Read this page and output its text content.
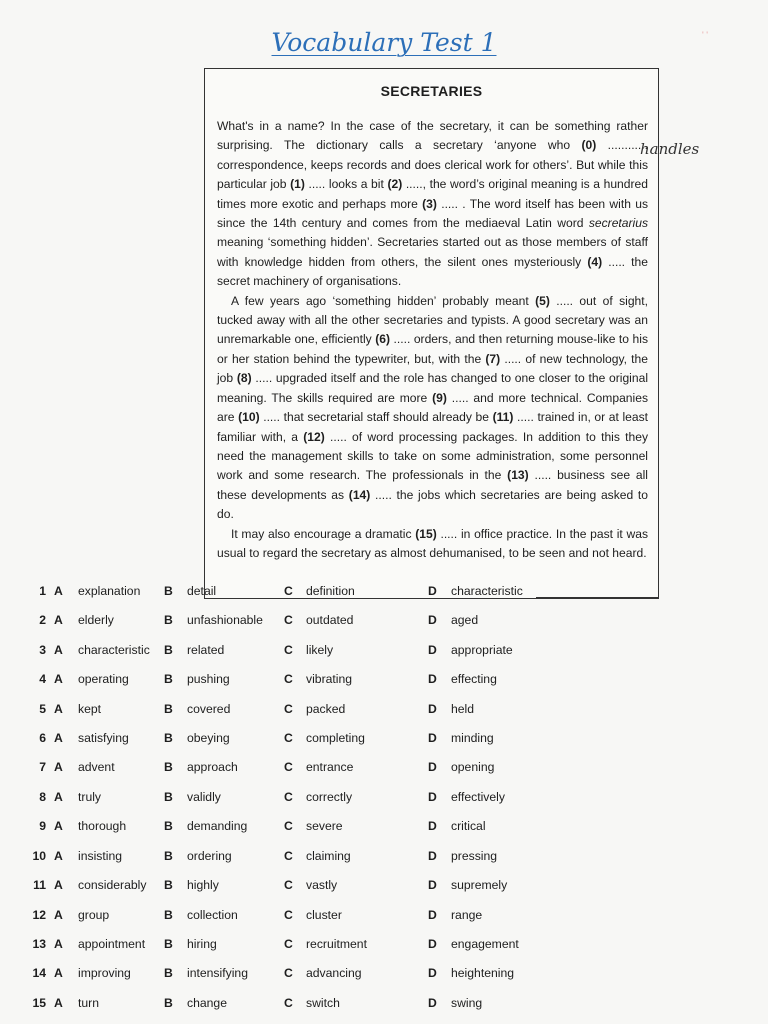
Vocabulary Test 1	' '
SECRETARIES

What's in a name? In the case of the secretary, it can be something rather surprising. The dictionary calls a secretary ‘anyone who (0) ............ correspondence, keeps records and does clerical work for others’. But while this particular job (1) ..... looks a bit (2) ....., the word’s original meaning is a hundred times more exotic and perhaps more (3) ..... . The word itself has been with us since the 14th century and comes from the mediaeval Latin word secretarius meaning ‘something hidden’. Secretaries started out as those members of staff with knowledge hidden from others, the silent ones mysteriously (4) ..... the secret machinery of organisations.

A few years ago ‘something hidden’ probably meant (5) ..... out of sight, tucked away with all the other secretaries and typists. A good secretary was an unremarkable one, efficiently (6) ..... orders, and then returning mouse-like to his or her station behind the typewriter, but, with the (7) ..... of new technology, the job (8) ..... upgraded itself and the role has changed to one closer to the original meaning. The skills required are more (9) ..... and more technical. Companies are (10) ..... that secretarial staff should already be (11) ..... trained in, or at least familiar with, a (12) ..... of word processing packages. In addition to this they need the management skills to take on some administration, some personnel work and some research. The professionals in the (13) ..... business see all these developments as (14) ..... the jobs which secretaries are being asked to do.

It may also encourage a dramatic (15) ..... in office practice. In the past it was usual to regard the secretary as almost dehumanised, to be seen and not heard.

handles
1 A explanation B detail	C definition	D characteristic
2 A elderly	B unfashionable C outdated	D aged
3 A characteristic B related	C likely	D appropriate
4 A operating	B pushing	C vibrating	D effecting
5 A kept	B covered	C packed	D held
6 A satisfying	B obeying	C completing	D minding
7 A advent	B approach	C entrance	D opening
8 A truly	B validly	C correctly	D effectively
9 A thorough	B demanding	C severe	D critical
10 A insisting	B ordering	C claiming	D pressing
11 A considerably B highly	C vastly	D supremely
12 A group	B collection	C cluster	D range
13 A appointment B hiring	C recruitment	D engagement
14 A improving	B intensifying	C advancing	D heightening
15 A turn	B change	C switch	D swing
